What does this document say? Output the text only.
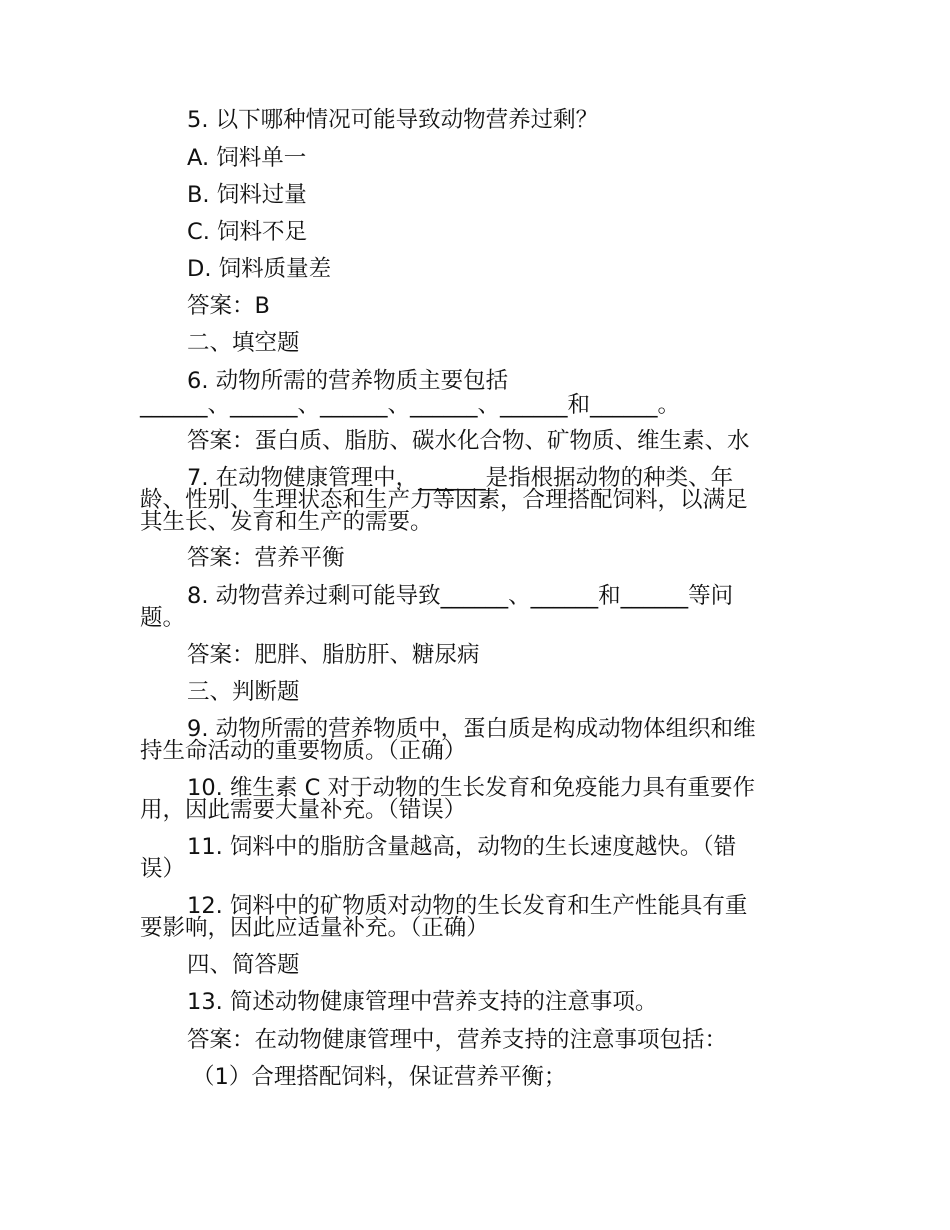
5. 以下哪种情况可能导致动物营养过剩？
A. 饲料单一
B. 饲料过量
C. 饲料不足
D. 饲料质量差
答案：B
二、填空题
6. 动物所需的营养物质主要包括
______、______、______、______、______和______。
答案：蛋白质、脂肪、碳水化合物、矿物质、维生素、水
7. 在动物健康管理中，______是指根据动物的种类、年
龄、性别、生理状态和生产力等因素，合理搭配饲料，以满足
其生长、发育和生产的需要。
答案：营养平衡
8. 动物营养过剩可能导致______、______和______等问
题。
答案：肥胖、脂肪肝、糖尿病
三、判断题
9. 动物所需的营养物质中，蛋白质是构成动物体组织和维
持生命活动的重要物质。（正确）
10. 维生素 C 对于动物的生长发育和免疫能力具有重要作
用，因此需要大量补充。（错误）
11. 饲料中的脂肪含量越高，动物的生长速度越快。（错
误）
12. 饲料中的矿物质对动物的生长发育和生产性能具有重
要影响，因此应适量补充。（正确）
四、简答题
13. 简述动物健康管理中营养支持的注意事项。
答案：在动物健康管理中，营养支持的注意事项包括：
（1）合理搭配饲料，保证营养平衡；
